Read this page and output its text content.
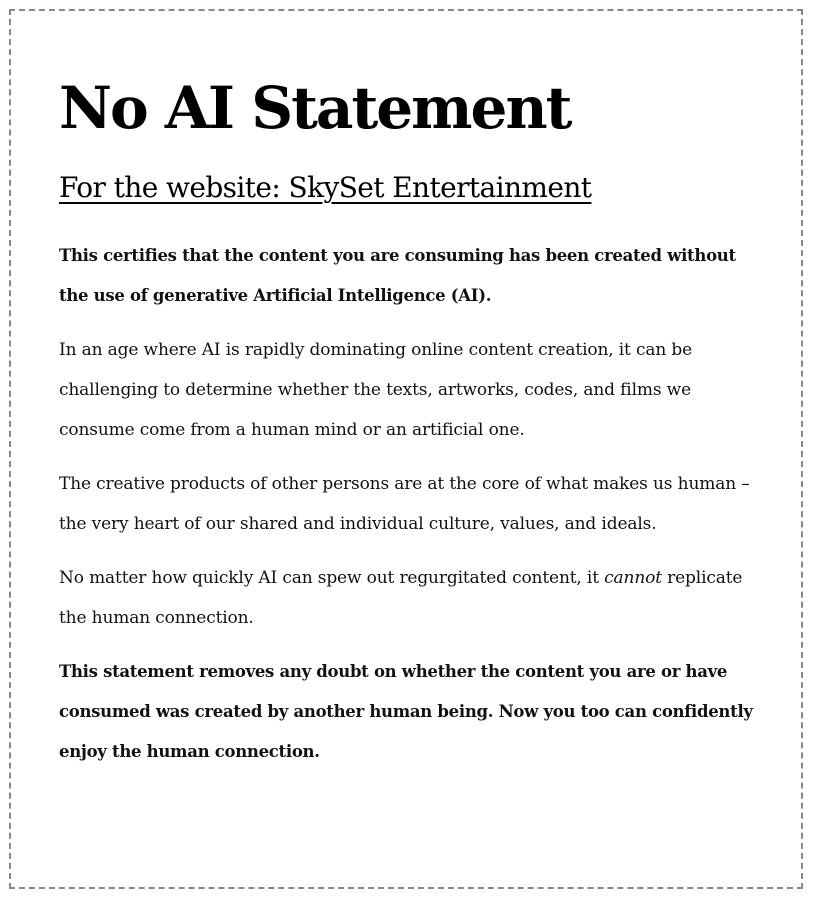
No AI Statement
For the website: SkySet Entertainment

This certifies that the content you are consuming has been created without the use of generative Artificial Intelligence (AI).

In an age where AI is rapidly dominating online content creation, it can be challenging to determine whether the texts, artworks, codes, and films we consume come from a human mind or an artificial one.

The creative products of other persons are at the core of what makes us human – the very heart of our shared and individual culture, values, and ideals.

No matter how quickly AI can spew out regurgitated content, it cannot replicate the human connection.

This statement removes any doubt on whether the content you are or have consumed was created by another human being. Now you too can confidently enjoy the human connection.
